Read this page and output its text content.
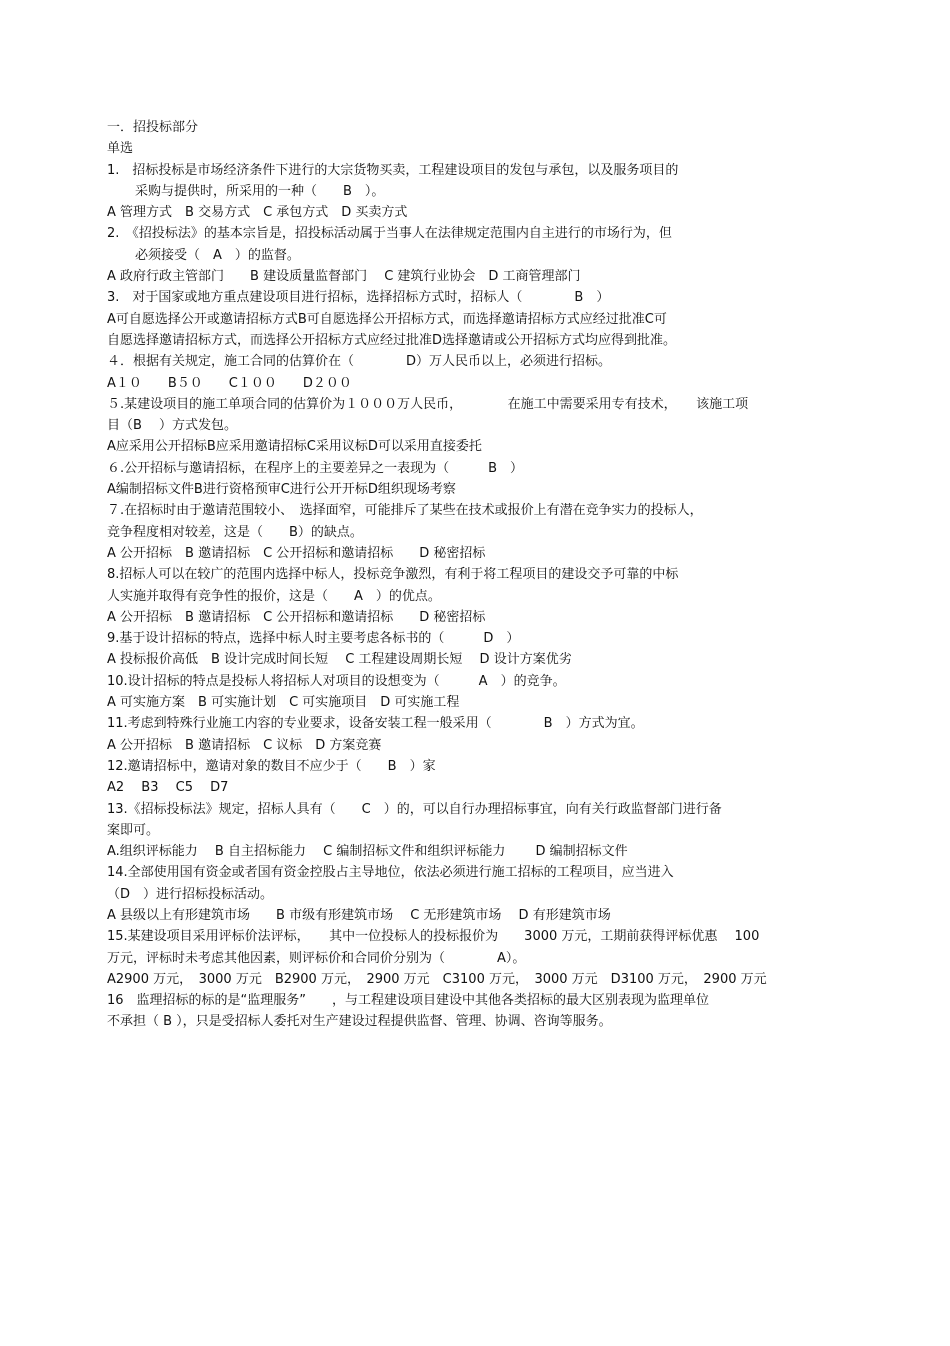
一．招投标部分
单选
1.　招标投标是市场经济条件下进行的大宗货物买卖，工程建设项目的发包与承包，以及服务项目的
采购与提供时，所采用的一种（　　B　）。
A 管理方式　B 交易方式　C 承包方式　D 买卖方式
2.　《招投标法》的基本宗旨是，招投标活动属于当事人在法律规定范围内自主进行的市场行为，但
必须接受（　A　）的监督。
A 政府行政主管部门　　B 建设质量监督部门　 C 建筑行业协会　D 工商管理部门
3.　对于国家或地方重点建设项目进行招标，选择招标方式时，招标人（　　　　B　）
A可自愿选择公开或邀请招标方式B可自愿选择公开招标方式，而选择邀请招标方式应经过批准C可
自愿选择邀请招标方式，而选择公开招标方式应经过批准D选择邀请或公开招标方式均应得到批准。
４．根据有关规定，施工合同的估算价在（　　　　D）万人民币以上，必须进行招标。
A１０　　B５０　　C１００　　D２００
５.某建设项目的施工单项合同的估算价为１０００万人民币，　　　　在施工中需要采用专有技术，　　该施工项
目（B　 ）方式发包。
A应采用公开招标B应采用邀请招标C采用议标D可以采用直接委托
６.公开招标与邀请招标，在程序上的主要差异之一表现为（　　　B　）
A编制招标文件B进行资格预审C进行公开开标D组织现场考察
７.在招标时由于邀请范围较小、　选择面窄，可能排斥了某些在技术或报价上有潜在竞争实力的投标人，
竞争程度相对较差，这是（　　B）的缺点。
A 公开招标　B 邀请招标　C 公开招标和邀请招标　　D 秘密招标
8.招标人可以在较广的范围内选择中标人，投标竞争激烈，有利于将工程项目的建设交予可靠的中标
人实施并取得有竞争性的报价，这是（　　A　）的优点。
A 公开招标　B 邀请招标　C 公开招标和邀请招标　　D 秘密招标
9.基于设计招标的特点，选择中标人时主要考虑各标书的（　　　D　）
A 投标报价高低　B 设计完成时间长短　 C 工程建设周期长短　 D 设计方案优劣
10.设计招标的特点是投标人将招标人对项目的设想变为（　　　A　）的竞争。
A 可实施方案　B 可实施计划　C 可实施项目　D 可实施工程
11.考虑到特殊行业施工内容的专业要求，设备安装工程一般采用（　　　　B　）方式为宜。
A 公开招标　B 邀请招标　C 议标　D 方案竞赛
12.邀请招标中，邀请对象的数目不应少于（　　B　）家
A2　 B3　 C5　 D7
13.《招标投标法》规定，招标人具有（　　C　）的，可以自行办理招标事宜，向有关行政监督部门进行备
案即可。
A.组织评标能力　 B 自主招标能力　 C 编制招标文件和组织评标能力　　 D 编制招标文件
14.全部使用国有资金或者国有资金控股占主导地位，依法必须进行施工招标的工程项目，应当进入
（D　）进行招标投标活动。
A 县级以上有形建筑市场　　B 市级有形建筑市场　 C 无形建筑市场　 D 有形建筑市场
15.某建设项目采用评标价法评标，　　其中一位投标人的投标报价为　　3000 万元，工期前获得评标优惠　 100
万元，评标时未考虑其他因素，则评标价和合同价分别为（　　　　A）。
A2900 万元，　3000 万元　B2900 万元，　2900 万元　C3100 万元，　3000 万元　D3100 万元，　2900 万元
16　监理招标的标的是“监理服务”　　，与工程建设项目建设中其他各类招标的最大区别表现为监理单位
不承担（ B ），只是受招标人委托对生产建设过程提供监督、管理、协调、咨询等服务。
